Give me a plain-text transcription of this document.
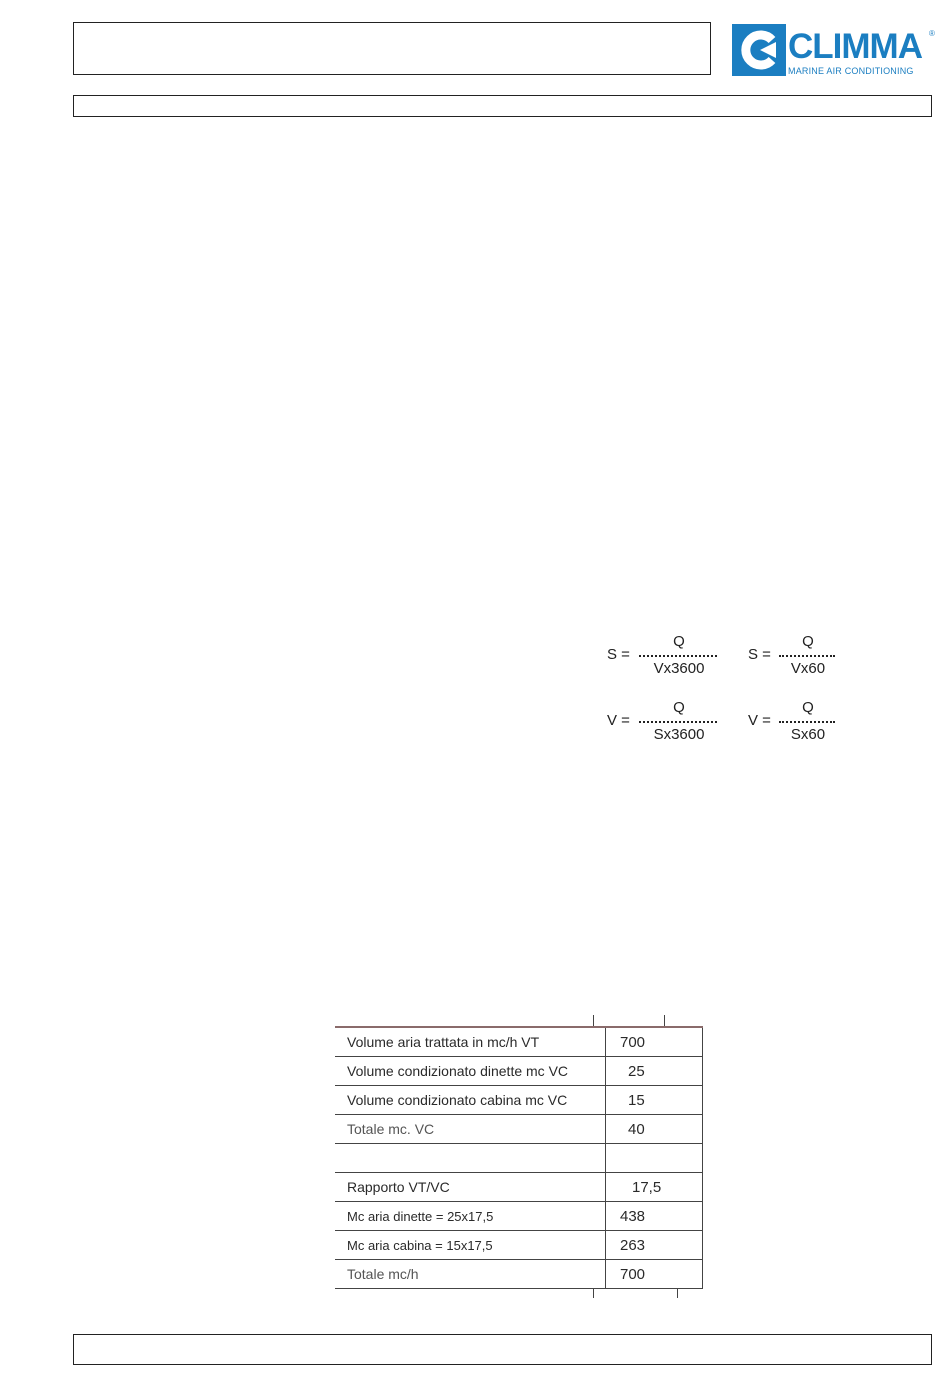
CLIMMA ®
MARINE AIR CONDITIONING
S =
Q
Vx3600
S =
Q
Vx60
V =
Q
Sx3600
V =
Q
Sx60
Volume aria trattata in mc/h VT	700
Volume condizionato dinette mc VC	25
Volume condizionato cabina mc VC	15
Totale mc. VC	40

Rapporto VT/VC	17,5
Mc aria dinette = 25x17,5	438
Mc aria cabina = 15x17,5	263
Totale mc/h	700
